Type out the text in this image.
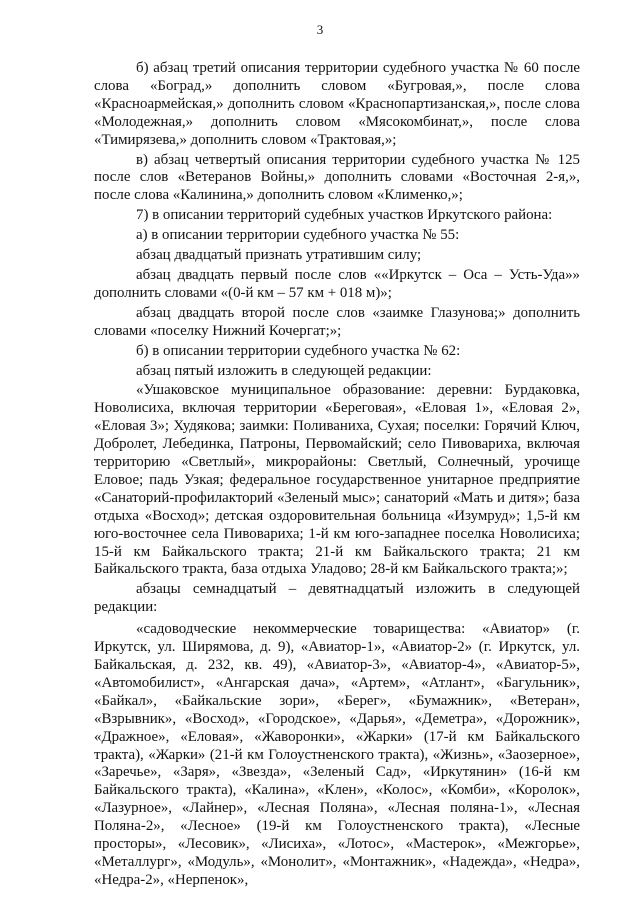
3

б) абзац третий описания территории судебного участка № 60 после слова «Боград,» дополнить словом «Бугровая,», после слова «Красноармейская,» дополнить словом «Краснопартизанская,», после слова «Молодежная,» дополнить словом «Мясокомбинат,», после слова «Тимирязева,» дополнить словом «Трактовая,»;

в) абзац четвертый описания территории судебного участка № 125 после слов «Ветеранов Войны,» дополнить словами «Восточная 2-я,», после слова «Калинина,» дополнить словом «Клименко,»;

7) в описании территорий судебных участков Иркутского района:

а) в описании территории судебного участка № 55:

абзац двадцатый признать утратившим силу;

абзац двадцать первый после слов ««Иркутск – Оса – Усть-Уда»» дополнить словами «(0-й км – 57 км + 018 м)»;

абзац двадцать второй после слов «заимке Глазунова;» дополнить словами «поселку Нижний Кочергат;»;

б) в описании территории судебного участка № 62:

абзац пятый изложить в следующей редакции:

«Ушаковское муниципальное образование: деревни: Бурдаковка, Новолисиха, включая территории «Береговая», «Еловая 1», «Еловая 2», «Еловая 3»; Худякова; заимки: Поливаниха, Сухая; поселки: Горячий Ключ, Добролет, Лебединка, Патроны, Первомайский; село Пивовариха, включая территорию «Светлый», микрорайоны: Светлый, Солнечный, урочище Еловое; падь Узкая; федеральное государственное унитарное предприятие «Санаторий-профилакторий «Зеленый мыс»; санаторий «Мать и дитя»; база отдыха «Восход»; детская оздоровительная больница «Изумруд»; 1,5-й км юго-восточнее села Пивовариха; 1-й км юго-западнее поселка Новолисиха; 15-й км Байкальского тракта; 21-й км Байкальского тракта; 21 км Байкальского тракта, база отдыха Уладово; 28-й км Байкальского тракта;»;

абзацы семнадцатый – девятнадцатый изложить в следующей редакции:

«садоводческие некоммерческие товарищества: «Авиатор» (г. Иркутск, ул. Ширямова, д. 9), «Авиатор-1», «Авиатор-2» (г. Иркутск, ул. Байкальская, д. 232, кв. 49), «Авиатор-3», «Авиатор-4», «Авиатор-5», «Автомобилист», «Ангарская дача», «Артем», «Атлант», «Багульник», «Байкал», «Байкальские зори», «Берег», «Бумажник», «Ветеран», «Взрывник», «Восход», «Городское», «Дарья», «Деметра», «Дорожник», «Дражное», «Еловая», «Жаворонки», «Жарки» (17-й км Байкальского тракта), «Жарки» (21-й км Голоустненского тракта), «Жизнь», «Заозерное», «Заречье», «Заря», «Звезда», «Зеленый Сад», «Иркутянин» (16-й км Байкальского тракта), «Калина», «Клен», «Колос», «Комби», «Королок», «Лазурное», «Лайнер», «Лесная Поляна», «Лесная поляна-1», «Лесная Поляна-2», «Лесное» (19-й км Голоустненского тракта), «Лесные просторы», «Лесовик», «Лисиха», «Лотос», «Мастерок», «Межгорье», «Металлург», «Модуль», «Монолит», «Монтажник», «Надежда», «Недра», «Недра-2», «Нерпенок»,
